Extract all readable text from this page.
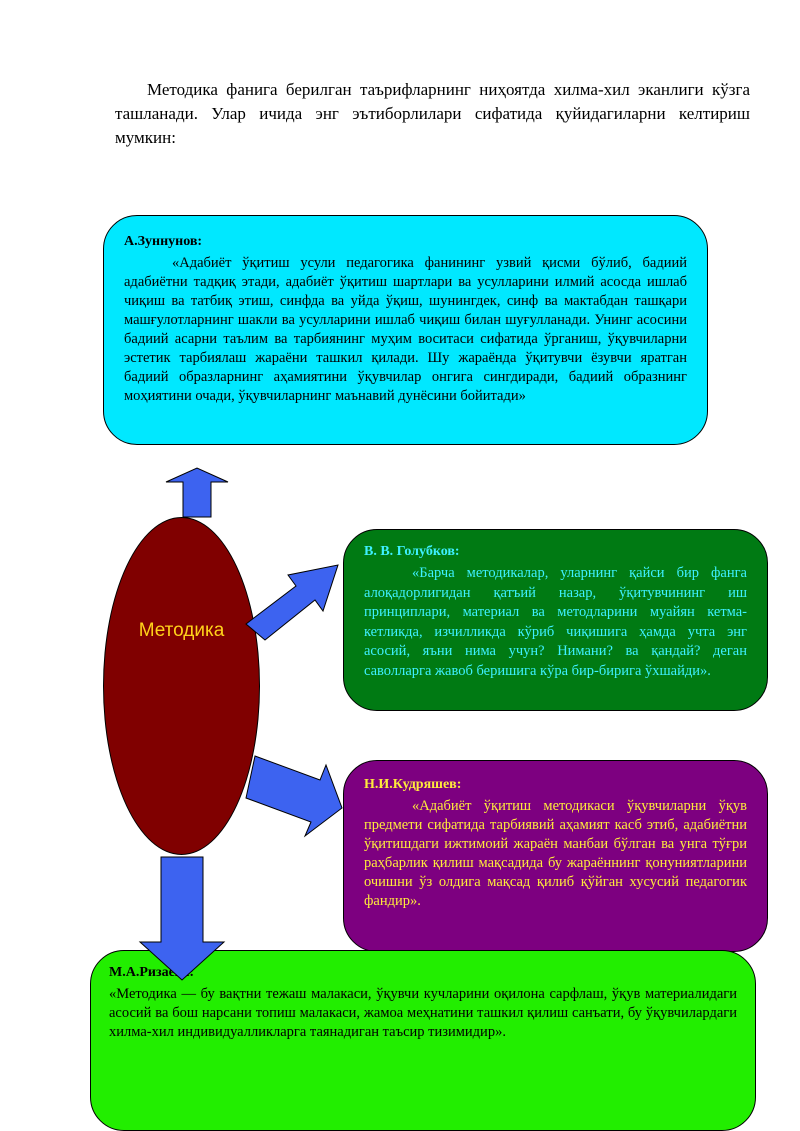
Методика фанига берилган таърифларнинг ниҳоятда хилма-хил эканлиги кўзга ташланади. Улар ичида энг эътиборлилари сифатида қуйидагиларни келтириш мумкин:

А.Зуннунов:

«Адабиёт ўқитиш усули педагогика фанининг узвий қисми бўлиб, бадиий адабиётни тадқиқ этади, адабиёт ўқитиш шартлари ва усулларини илмий асосда ишлаб чиқиш ва татбиқ этиш, синфда ва уйда ўқиш, шунингдек, синф ва мактабдан ташқари машғулотларнинг шакли ва усулларини ишлаб чиқиш билан шуғулланади. Унинг асосини бадиий асарни таълим ва тарбиянинг муҳим воситаси сифатида ўрганиш, ўқувчиларни эстетик тарбиялаш жараёни ташкил қилади. Шу жараёнда ўқитувчи ёзувчи яратган бадиий образларнинг аҳамиятини ўқувчилар онгига сингдиради, бадиий образнинг моҳиятини очади, ўқувчиларнинг маънавий дунёсини бойитади»

В. В. Голубков:

«Барча методикалар, уларнинг қайси бир фанга алоқадорлигидан қатъий назар, ўқитувчининг иш принциплари, материал ва методларини муайян кетма-кетликда, изчилликда кўриб чиқишига ҳамда учта энг асосий, яъни нима учун? Нимани? ва қандай? деган саволларга жавоб беришига кўра бир-бирига ўхшайди».

Н.И.Кудряшев:

«Адабиёт ўқитиш методикаси ўқувчиларни ўқув предмети сифатида тарбиявий аҳамият касб этиб, адабиётни ўқитишдаги ижтимоий жараён манбаи бўлган ва унга тўғри раҳбарлик қилиш мақсадида бу жараённинг қонуниятларини очишни ўз олдига мақсад қилиб қўйган хусусий педагогик фандир».

М.А.Ризаева:

«Методика — бу вақтни тежаш малакаси, ўқувчи кучларини оқилона сарфлаш, ўқув материалидаги асосий ва бош нарсани топиш малакаси, жамоа меҳнатини ташкил қилиш санъати, бу ўқувчилардаги хилма-хил индивидуалликларга таянадиган таъсир тизимидир».

Методика
